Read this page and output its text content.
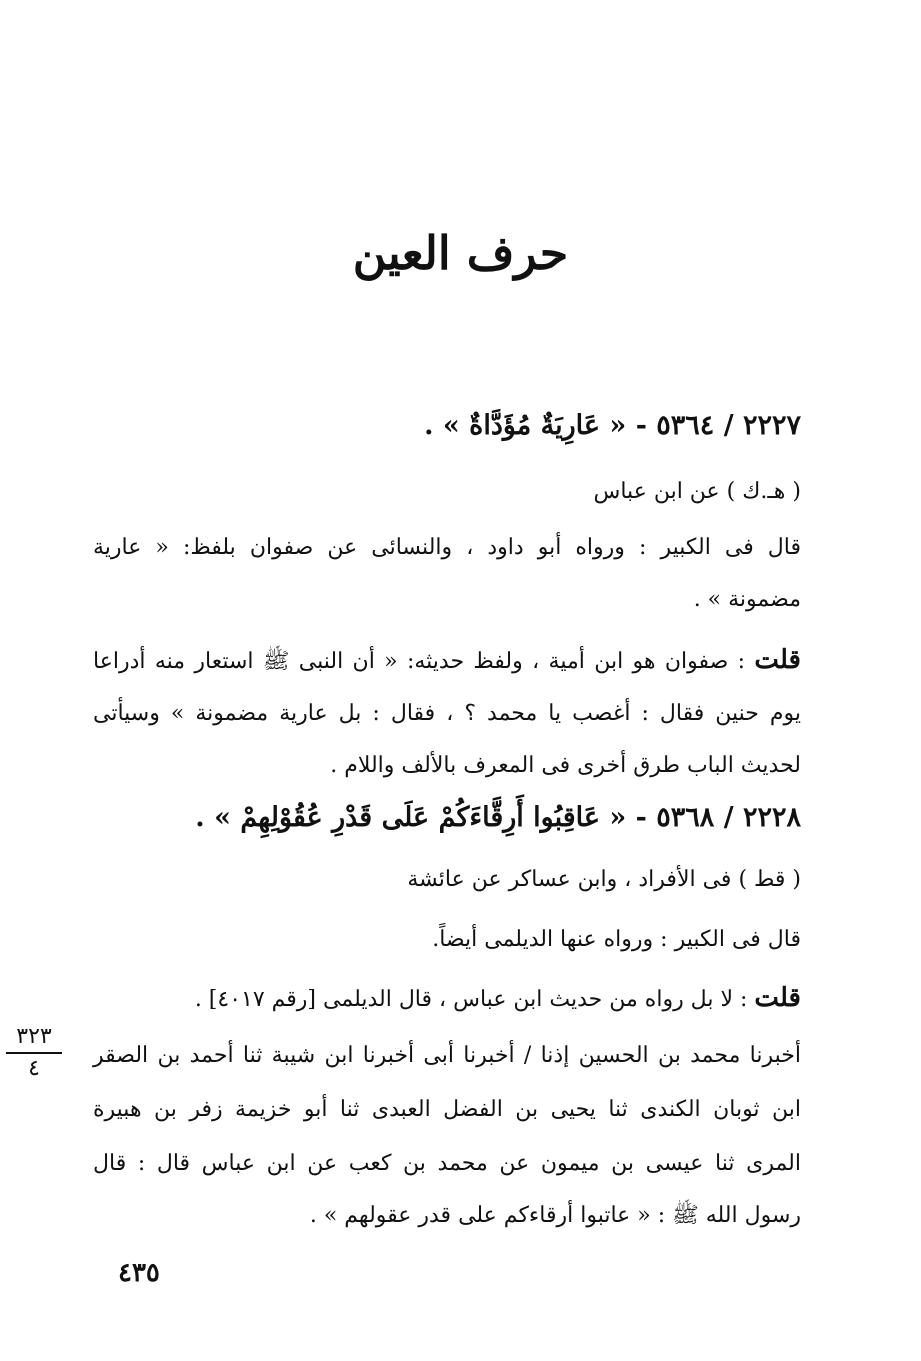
حرف العين
٢٢٢٧ / ٥٣٦٤ - « عَارِيَةٌ مُؤَدَّاةٌ » .
( هـ.ك ) عن ابن عباس
قال فى الكبير : ورواه أبو داود ، والنسائى عن صفوان بلفظ: « عارية
مضمونة » .
قلت : صفوان هو ابن أمية ، ولفظ حديثه: « أن النبى ﷺ استعار منه أدراعا
يوم حنين فقال : أغصب يا محمد ؟ ، فقال : بل عارية مضمونة » وسيأتى
لحديث الباب طرق أخرى فى المعرف بالألف واللام .
٢٢٢٨ / ٥٣٦٨ - « عَاقِبُوا أَرِقَّاءَكُمْ عَلَى قَدْرِ عُقُوْلِهِمْ » .
( قط ) فى الأفراد ، وابن عساكر عن عائشة
قال فى الكبير : ورواه عنها الديلمى أيضاً.
قلت : لا بل رواه من حديث ابن عباس ، قال الديلمى [رقم ٤٠١٧] .
أخبرنا محمد بن الحسين إذنا / أخبرنا أبى أخبرنا ابن شيبة ثنا أحمد بن الصقر
ابن ثوبان الكندى ثنا يحيى بن الفضل العبدى ثنا أبو خزيمة زفر بن هبيرة
المرى ثنا عيسى بن ميمون عن محمد بن كعب عن ابن عباس قال : قال
رسول الله ﷺ : « عاتبوا أرقاءكم على قدر عقولهم » .
٣٢٣
٤
٤٣٥
